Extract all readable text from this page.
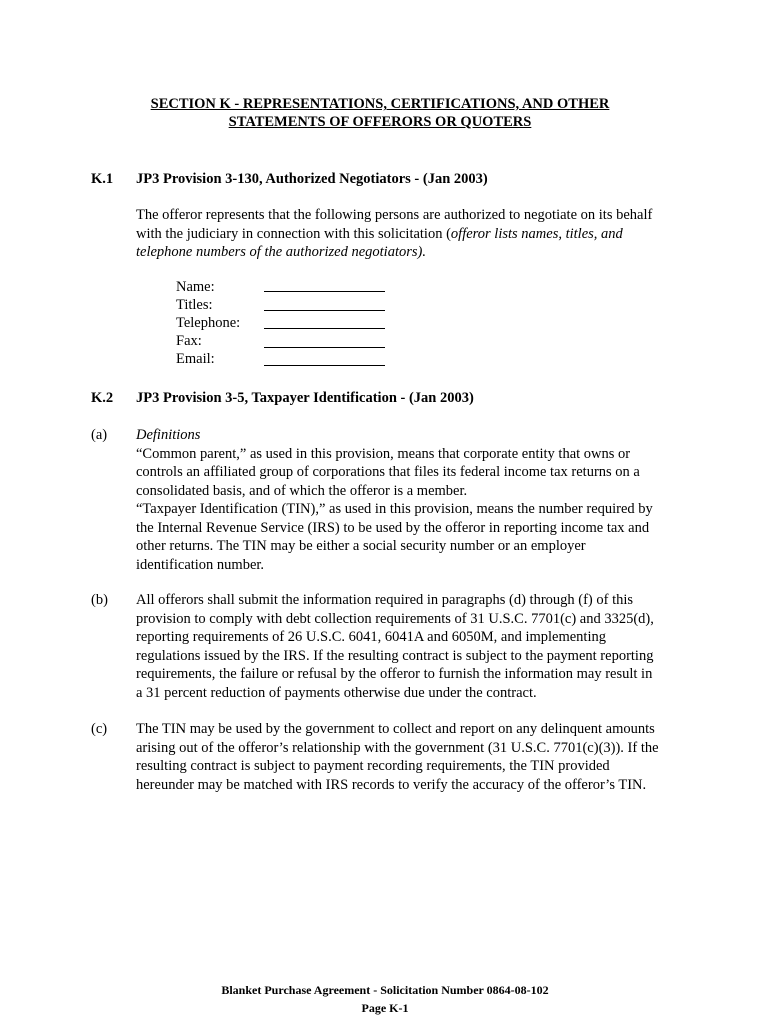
SECTION K - REPRESENTATIONS, CERTIFICATIONS, AND OTHER
STATEMENTS OF OFFERORS OR QUOTERS
K.1 JP3 Provision 3-130, Authorized Negotiators - (Jan 2003)
The offeror represents that the following persons are authorized to negotiate on its behalf
with the judiciary in connection with this solicitation (offeror lists names, titles, and
telephone numbers of the authorized negotiators).
Name:
Titles:
Telephone:
Fax:
Email:
K.2 JP3 Provision 3-5, Taxpayer Identification - (Jan 2003)
(a) Definitions
“Common parent,” as used in this provision, means that corporate entity that owns or
controls an affiliated group of corporations that files its federal income tax returns on a
consolidated basis, and of which the offeror is a member.
“Taxpayer Identification (TIN),” as used in this provision, means the number required by
the Internal Revenue Service (IRS) to be used by the offeror in reporting income tax and
other returns. The TIN may be either a social security number or an employer
identification number.
(b) All offerors shall submit the information required in paragraphs (d) through (f) of this
provision to comply with debt collection requirements of 31 U.S.C. 7701(c) and 3325(d),
reporting requirements of 26 U.S.C. 6041, 6041A and 6050M, and implementing
regulations issued by the IRS. If the resulting contract is subject to the payment reporting
requirements, the failure or refusal by the offeror to furnish the information may result in
a 31 percent reduction of payments otherwise due under the contract.
(c) The TIN may be used by the government to collect and report on any delinquent amounts
arising out of the offeror’s relationship with the government (31 U.S.C. 7701(c)(3)). If the
resulting contract is subject to payment recording requirements, the TIN provided
hereunder may be matched with IRS records to verify the accuracy of the offeror’s TIN.
Blanket Purchase Agreement - Solicitation Number 0864-08-102
Page K-1
